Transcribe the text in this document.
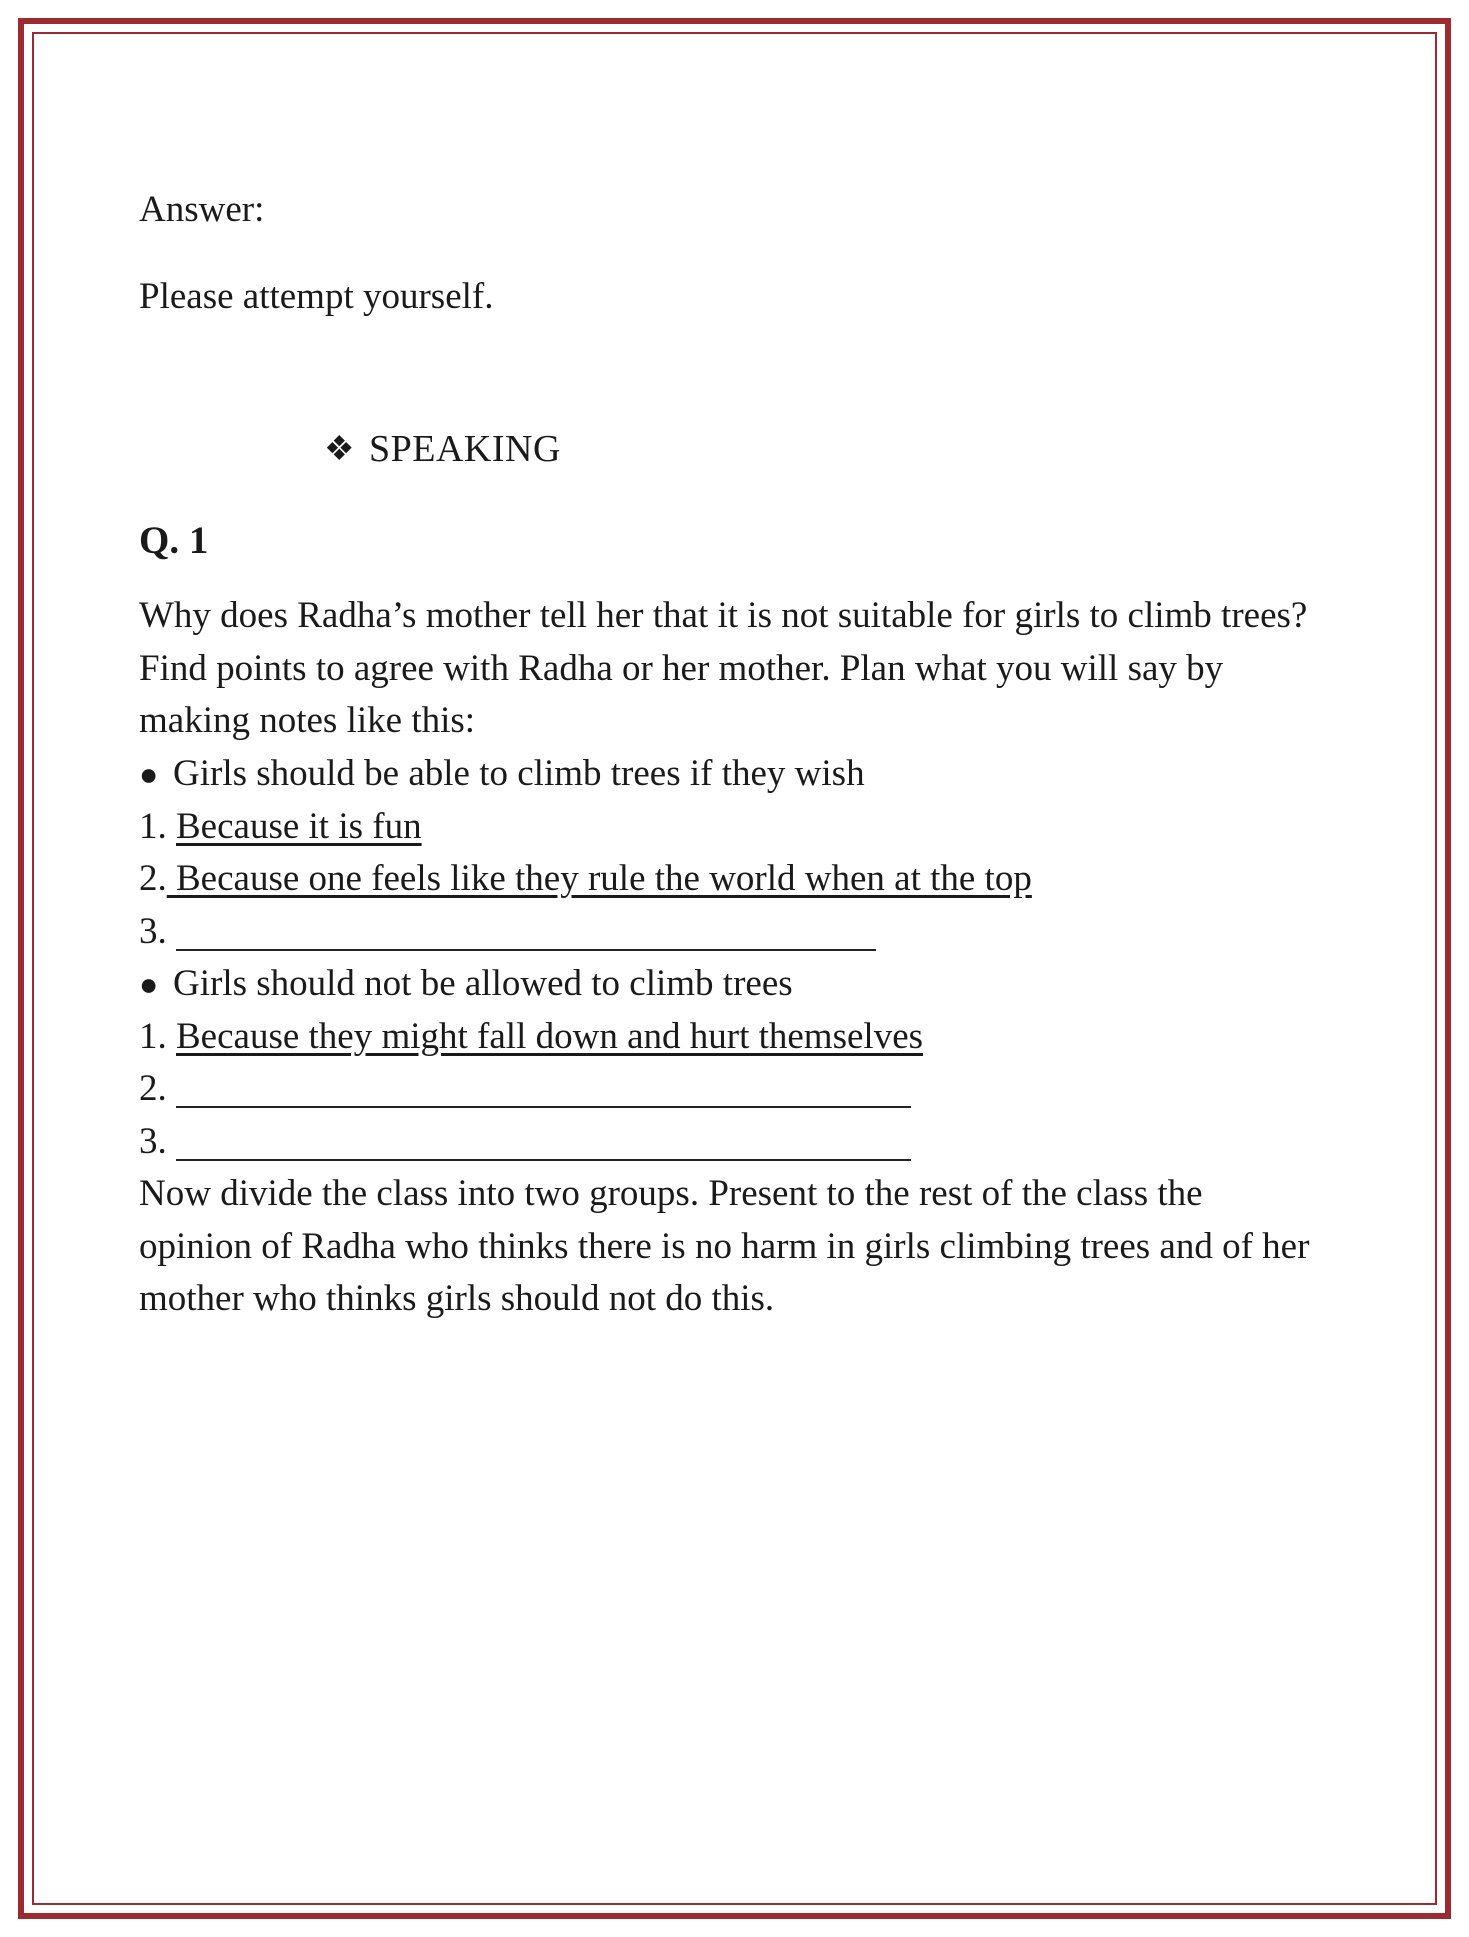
Answer:

Please attempt yourself.

❖ SPEAKING

Q. 1

Why does Radha’s mother tell her that it is not suitable for girls to climb trees? Find points to agree with Radha or her mother. Plan what you will say by making notes like this:

● Girls should be able to climb trees if they wish

1. Because it is fun

2. Because one feels like they rule the world when at the top

3.

● Girls should not be allowed to climb trees

1. Because they might fall down and hurt themselves

2.

3.

Now divide the class into two groups. Present to the rest of the class the opinion of Radha who thinks there is no harm in girls climbing trees and of her mother who thinks girls should not do this.
